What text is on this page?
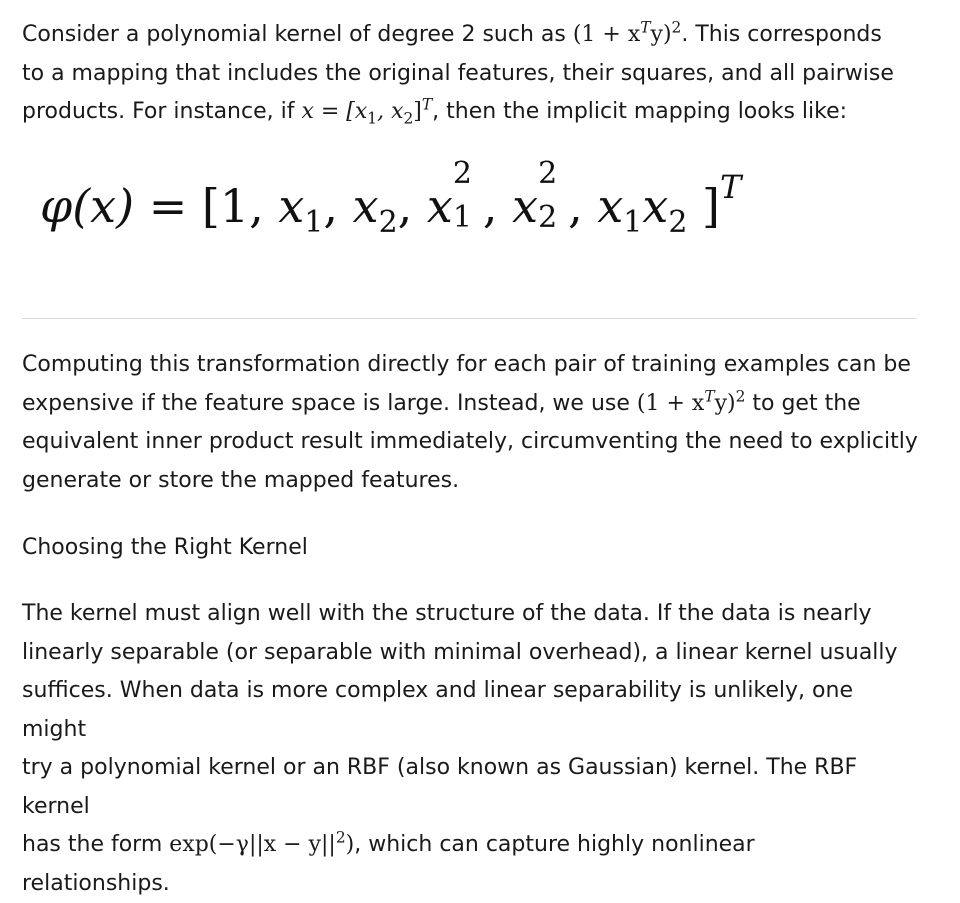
Consider a polynomial kernel of degree 2 such as $(1 + x^Ty)^2$. This corresponds
to a mapping that includes the original features, their squares, and all pairwise
products. For instance, if $x = [x_1$, $x_2]^T$, then the implicit mapping looks like:

φ(x) = [1, $x_1$, $x_2$, x
2
1 , x
2
2 , $x_1x_2$ ]$^T$

Computing this transformation directly for each pair of training examples can be
expensive if the feature space is large. Instead, we use $(1 + x^Ty)^2$ to get the
equivalent inner product result immediately, circumventing the need to explicitly
generate or store the mapped features.

Choosing the Right Kernel

The kernel must align well with the structure of the data. If the data is nearly
linearly separable (or separable with minimal overhead), a linear kernel usually
suffices. When data is more complex and linear separability is unlikely, one might
try a polynomial kernel or an RBF (also known as Gaussian) kernel. The RBF kernel
has the form $\exp(-\gamma||x - y||^2)$, which can capture highly nonlinear
relationships.
